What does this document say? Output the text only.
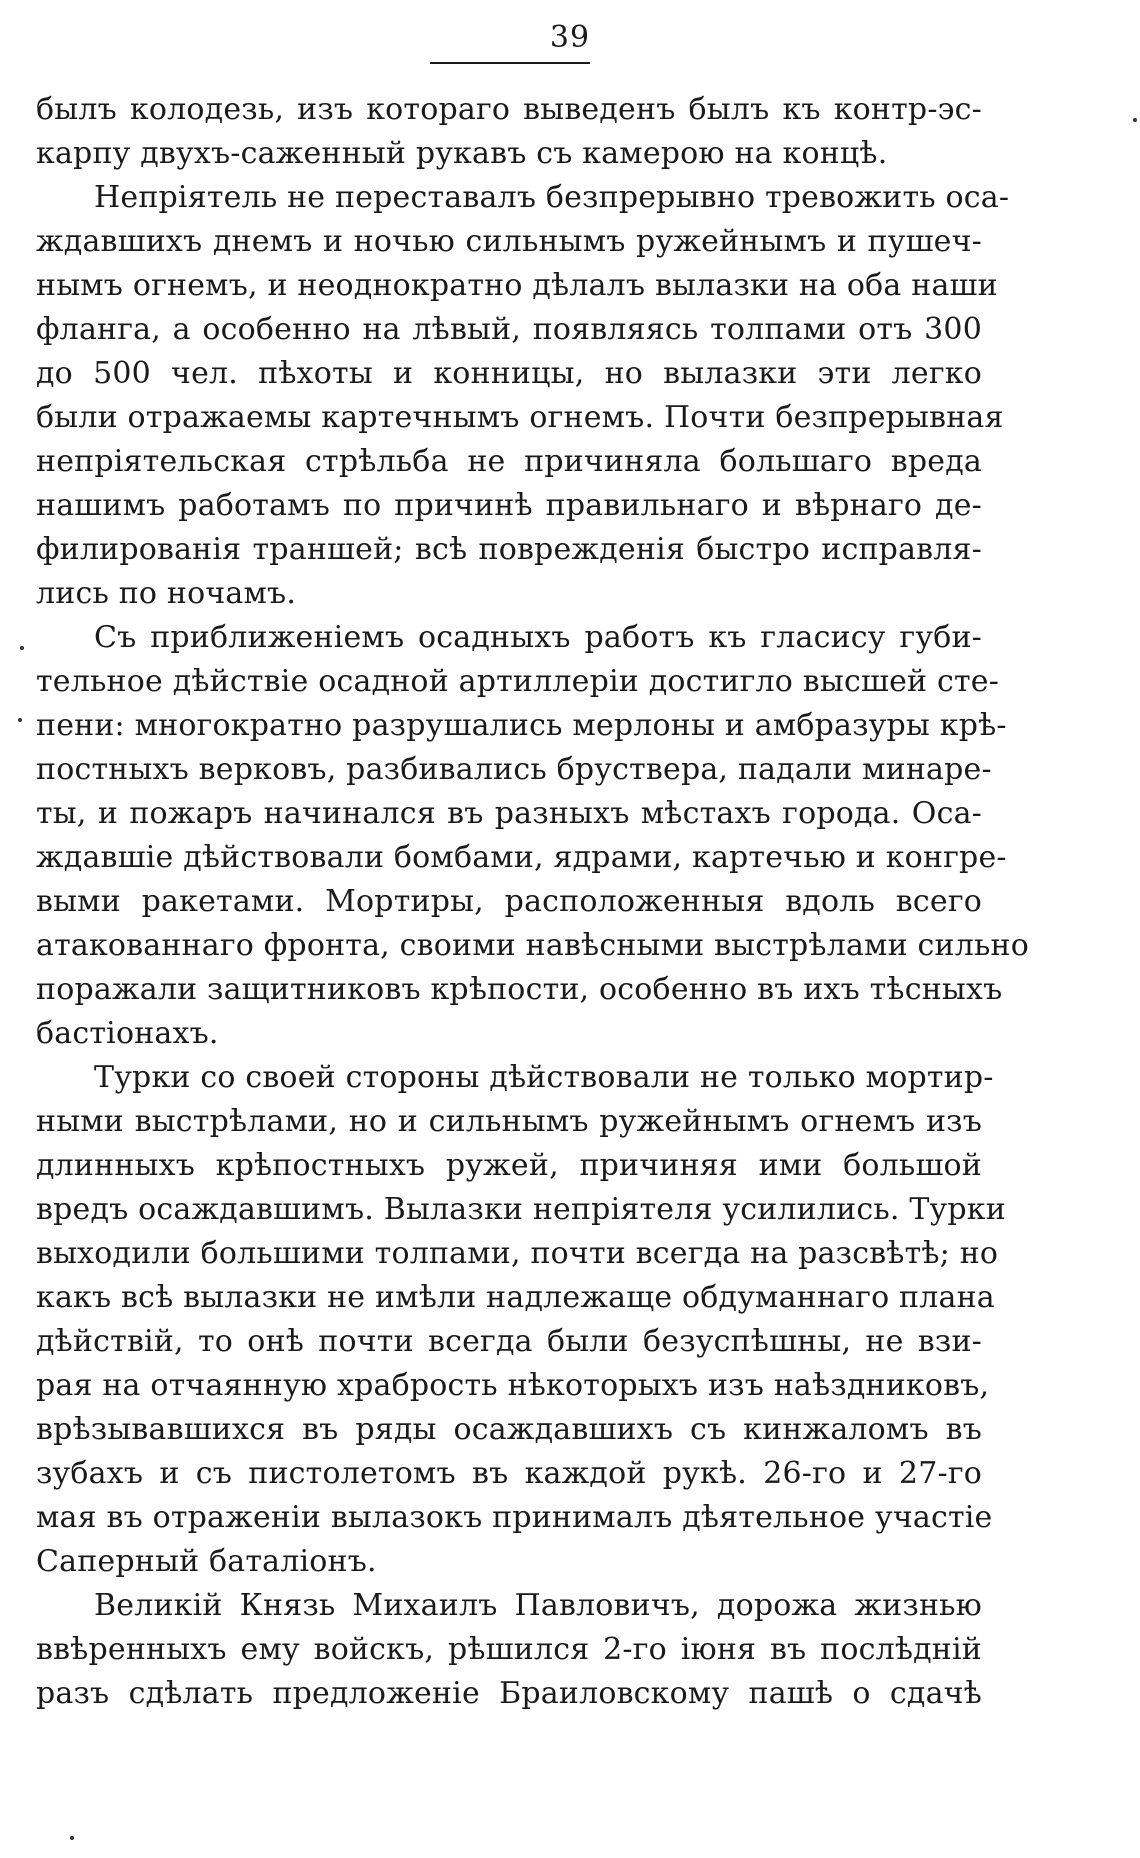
39
былъ колодезь, изъ котораго выведенъ былъ къ контр-эс-
карпу двухъ-саженный рукавъ съ камерою на концѣ.
Непріятель не переставалъ безпрерывно тревожить оса-
ждавшихъ днемъ и ночью сильнымъ ружейнымъ и пушеч-
нымъ огнемъ, и неоднократно дѣлалъ вылазки на оба наши
фланга, а особенно на лѣвый, появляясь толпами отъ 300
до 500 чел. пѣхоты и конницы, но вылазки эти легко
были отражаемы картечнымъ огнемъ. Почти безпрерывная
непріятельская стрѣльба не причиняла большаго вреда
нашимъ работамъ по причинѣ правильнаго и вѣрнаго де-
филированія траншей; всѣ поврежденія быстро исправля-
лись по ночамъ.
Съ приближеніемъ осадныхъ работъ къ гласису губи-
тельное дѣйствіе осадной артиллеріи достигло высшей сте-
пени: многократно разрушались мерлоны и амбразуры крѣ-
постныхъ верковъ, разбивались брустверa, падали минаре-
ты, и пожаръ начинался въ разныхъ мѣстахъ города. Оса-
ждавшіе дѣйствовали бомбами, ядрами, картечью и конгре-
выми ракетами. Мортиры, расположенныя вдоль всего
атакованнаго фронта, своими навѣсными выстрѣлами сильно
поражали защитниковъ крѣпости, особенно въ ихъ тѣсныхъ
бастіонахъ.
Турки со своей стороны дѣйствовали не только мортир-
ными выстрѣлами, но и сильнымъ ружейнымъ огнемъ изъ
длинныхъ крѣпостныхъ ружей, причиняя ими большой
вредъ осаждавшимъ. Вылазки непріятеля усилились. Турки
выходили большими толпами, почти всегда на разсвѣтѣ; но
какъ всѣ вылазки не имѣли надлежаще обдуманнаго плана
дѣйствій, то онѣ почти всегда были безуспѣшны, не взи-
рая на отчаянную храбрость нѣкоторыхъ изъ наѣздниковъ,
врѣзывавшихся въ ряды осаждавшихъ съ кинжаломъ въ
зубахъ и съ пистолетомъ въ каждой рукѣ. 26-го и 27-го
мая въ отраженіи вылазокъ принималъ дѣятельное участіе
Саперный баталіонъ.
Великій Князь Михаилъ Павловичъ, дорожа жизнью
ввѣренныхъ ему войскъ, рѣшился 2-го іюня въ послѣдній
разъ сдѣлать предложеніе Браиловскому пашѣ о сдачѣ
